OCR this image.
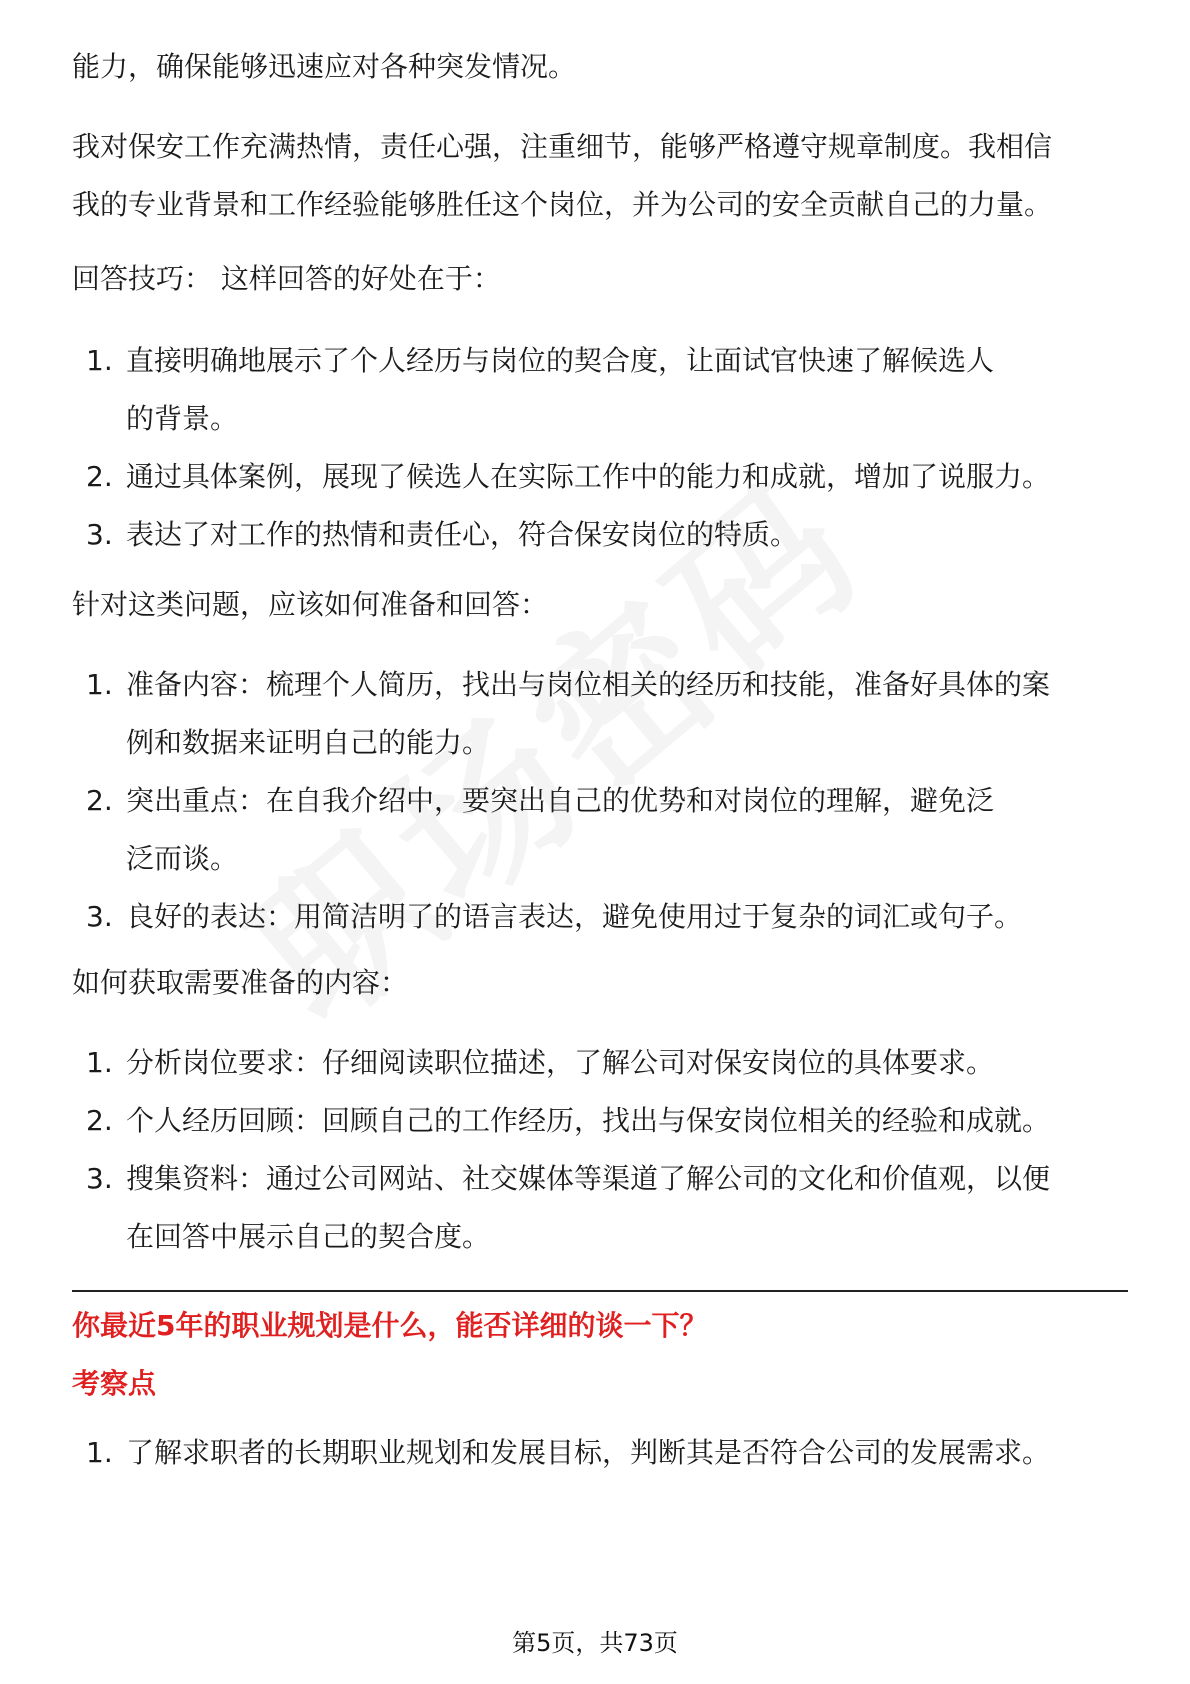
能力，确保能够迅速应对各种突发情况。

我对保安工作充满热情，责任心强，注重细节，能够严格遵守规章制度。我相信我的专业背景和工作经验能够胜任这个岗位，并为公司的安全贡献自己的力量。

回答技巧： 这样回答的好处在于：

1. 直接明确地展示了个人经历与岗位的契合度，让面试官快速了解候选人的背景。
2. 通过具体案例，展现了候选人在实际工作中的能力和成就，增加了说服力。
3. 表达了对工作的热情和责任心，符合保安岗位的特质。

针对这类问题，应该如何准备和回答：

1. 准备内容：梳理个人简历，找出与岗位相关的经历和技能，准备好具体的案例和数据来证明自己的能力。
2. 突出重点：在自我介绍中，要突出自己的优势和对岗位的理解，避免泛泛而谈。
3. 良好的表达：用简洁明了的语言表达，避免使用过于复杂的词汇或句子。

如何获取需要准备的内容：

1. 分析岗位要求：仔细阅读职位描述，了解公司对保安岗位的具体要求。
2. 个人经历回顾：回顾自己的工作经历，找出与保安岗位相关的经验和成就。
3. 搜集资料：通过公司网站、社交媒体等渠道了解公司的文化和价值观，以便在回答中展示自己的契合度。
你最近5年的职业规划是什么，能否详细的谈一下？
考察点
1. 了解求职者的长期职业规划和发展目标，判断其是否符合公司的发展需求。
第5页，共73页
